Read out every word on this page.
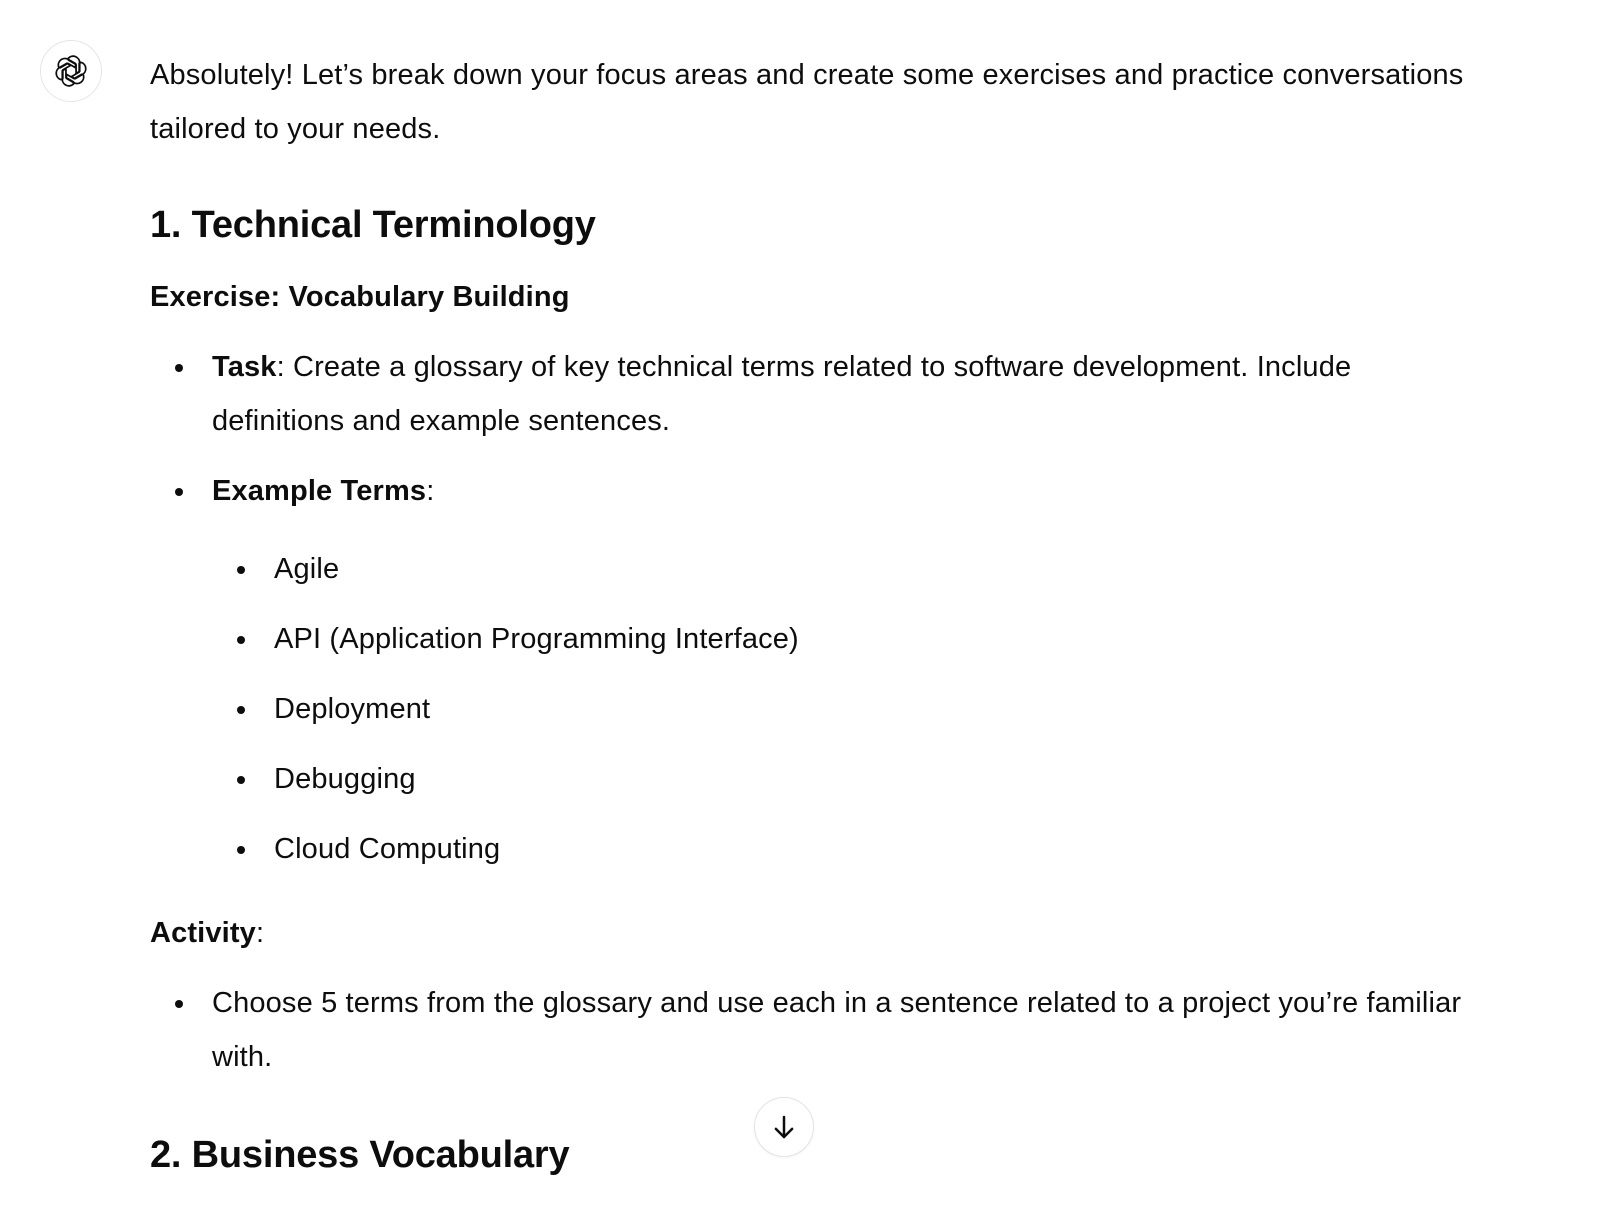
Absolutely! Let’s break down your focus areas and create some exercises and practice conversations tailored to your needs.

1. Technical Terminology

Exercise: Vocabulary Building

Task: Create a glossary of key technical terms related to software development. Include definitions and example sentences.
Example Terms:
Agile
API (Application Programming Interface)
Deployment
Debugging
Cloud Computing

Activity:

Choose 5 terms from the glossary and use each in a sentence related to a project you’re familiar with.
2. Business Vocabulary
